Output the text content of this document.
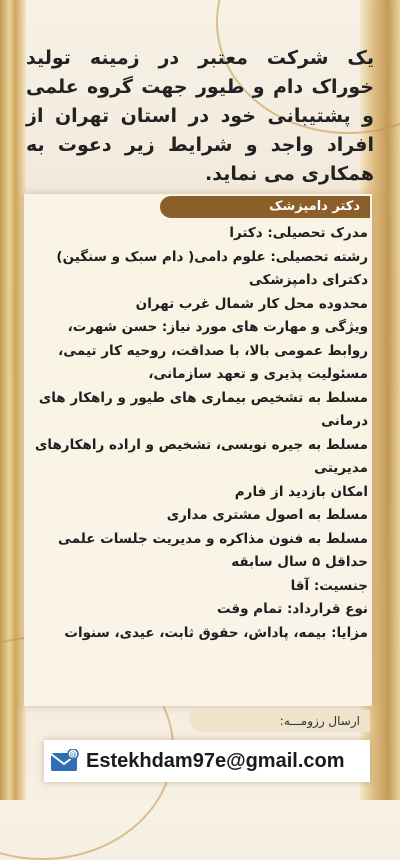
یک شرکت معتبر در زمینه تولید خوراک دام و طیور جهت گروه علمی و پشتیبانی خود در استان تهران از افراد واجد و شرایط زیر دعوت به همکاری می نماید.
دکتر دامپزشک
مدرک تحصیلی: دکترا
رشته تحصیلی: علوم دامی( دام سبک و سنگین)
دکترای دامپزشکی
محدوده محل کار شمال غرب تهران
ویژگی و مهارت های مورد نیاز: حسن شهرت، روابط عمومی بالا، با صداقت، روحیه کار تیمی، مسئولیت پذیری و تعهد سازمانی،
مسلط به تشخیص بیماری های طیور و راهکار های درمانی
مسلط به جیره نویسی، تشخیص و اراده راهکارهای مدیریتی
امکان بازدید از فارم
مسلط به اصول مشتری مداری
مسلط به فنون مذاکره و مدیریت جلسات علمی
حداقل ۵ سال سابقه
جنسیت: آقا
نوع قرارداد: تمام وقت
مزایا: بیمه، پاداش، حقوق ثابت، عیدی، سنوات
ارسال رزومـــه:
@ Estekhdam97e@gmail.com
